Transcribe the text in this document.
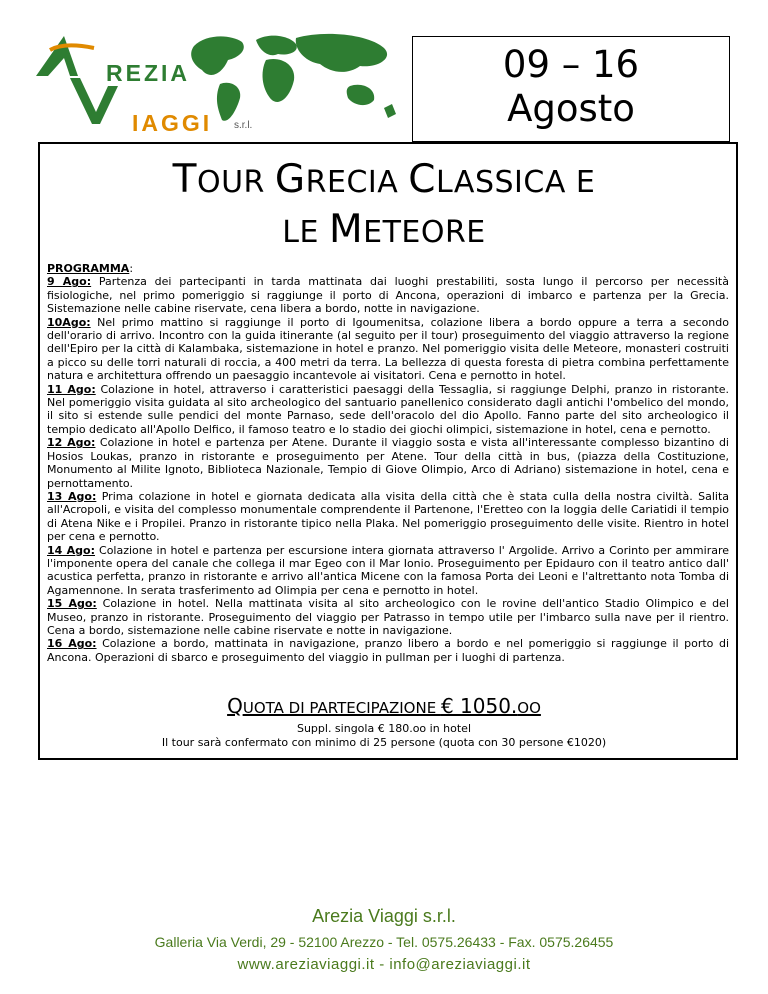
REZIA
IAGGI s.r.l.
09 – 16
Agosto
TOUR GRECIA CLASSICA E
LE METEORE

PROGRAMMA:

9 Ago: Partenza dei partecipanti in tarda mattinata dai luoghi prestabiliti, sosta lungo il percorso per necessità fisiologiche, nel primo pomeriggio si raggiunge il porto di Ancona, operazioni di imbarco e partenza per la Grecia. Sistemazione nelle cabine riservate, cena libera a bordo, notte in navigazione.

10Ago: Nel primo mattino si raggiunge il porto di Igoumenitsa, colazione libera a bordo oppure a terra a secondo dell'orario di arrivo. Incontro con la guida itinerante (al seguito per il tour) proseguimento del viaggio attraverso la regione dell'Epiro per la città di Kalambaka, sistemazione in hotel e pranzo. Nel pomeriggio visita delle Meteore, monasteri costruiti a picco su delle torri naturali di roccia, a 400 metri da terra. La bellezza di questa foresta di pietra combina perfettamente natura e architettura offrendo un paesaggio incantevole ai visitatori. Cena e pernotto in hotel.

11 Ago: Colazione in hotel, attraverso i caratteristici paesaggi della Tessaglia, si raggiunge Delphi, pranzo in ristorante. Nel pomeriggio visita guidata al sito archeologico del santuario panellenico considerato dagli antichi l'ombelico del mondo, il sito si estende sulle pendici del monte Parnaso, sede dell'oracolo del dio Apollo. Fanno parte del sito archeologico il tempio dedicato all'Apollo Delfico, il famoso teatro e lo stadio dei giochi olimpici, sistemazione in hotel, cena e pernotto.

12 Ago: Colazione in hotel e partenza per Atene. Durante il viaggio sosta e vista all'interessante complesso bizantino di Hosios Loukas, pranzo in ristorante e proseguimento per Atene. Tour della città in bus, (piazza della Costituzione, Monumento al Milite Ignoto, Biblioteca Nazionale, Tempio di Giove Olimpio, Arco di Adriano) sistemazione in hotel, cena e pernottamento.

13 Ago: Prima colazione in hotel e giornata dedicata alla visita della città che è stata culla della nostra civiltà. Salita all'Acropoli, e visita del complesso monumentale comprendente il Partenone, l'Eretteo con la loggia delle Cariatidi il tempio di Atena Nike e i Propilei. Pranzo in ristorante tipico nella Plaka. Nel pomeriggio proseguimento delle visite. Rientro in hotel per cena e pernotto.

14 Ago: Colazione in hotel e partenza per escursione intera giornata attraverso l' Argolide. Arrivo a Corinto per ammirare l'imponente opera del canale che collega il mar Egeo con il Mar Ionio. Proseguimento per Epidauro con il teatro antico dall' acustica perfetta, pranzo in ristorante e arrivo all'antica Micene con la famosa Porta dei Leoni e l'altrettanto nota Tomba di Agamennone. In serata trasferimento ad Olimpia per cena e pernotto in hotel.

15 Ago: Colazione in hotel. Nella mattinata visita al sito archeologico con le rovine dell'antico Stadio Olimpico e del Museo, pranzo in ristorante. Proseguimento del viaggio per Patrasso in tempo utile per l'imbarco sulla nave per il rientro. Cena a bordo, sistemazione nelle cabine riservate e notte in navigazione.

16 Ago: Colazione a bordo, mattinata in navigazione, pranzo libero a bordo e nel pomeriggio si raggiunge il porto di Ancona. Operazioni di sbarco e proseguimento del viaggio in pullman per i luoghi di partenza.

QUOTA DI PARTECIPAZIONE € 1050.OO
Suppl. singola € 180.oo in hotel
Il tour sarà confermato con minimo di 25 persone (quota con 30 persone €1020)
Arezia Viaggi s.r.l.
Galleria Via Verdi, 29 - 52100 Arezzo - Tel. 0575.26433 - Fax. 0575.26455
www.areziaviaggi.it - info@areziaviaggi.it
